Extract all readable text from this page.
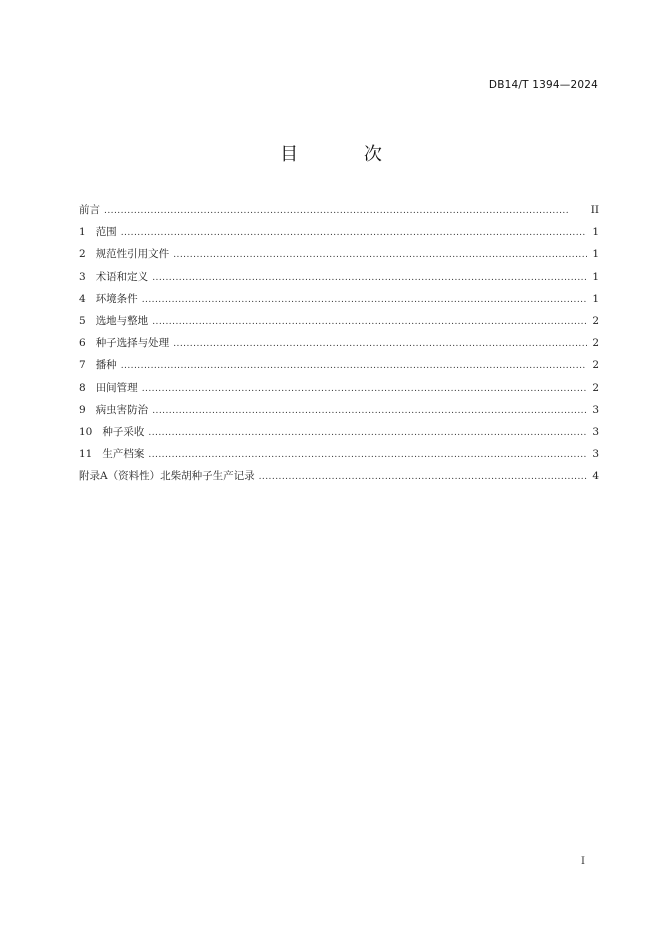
DB14/T 1394—2024
目 次
前言 . . .	II
1 范围 . . .	1
2 规范性引用文件 . . .	1
3 术语和定义 . . .	1
4 环境条件 . . .	1
5 选地与整地 . . .	2
6 种子选择与处理 . . .	2
7 播种 . . .	2
8 田间管理 . . .	2
9 病虫害防治 . . .	3
10 种子采收 . . .	3
11 生产档案 . . .	3
附录A（资料性）北柴胡种子生产记录 . . .	4
I
